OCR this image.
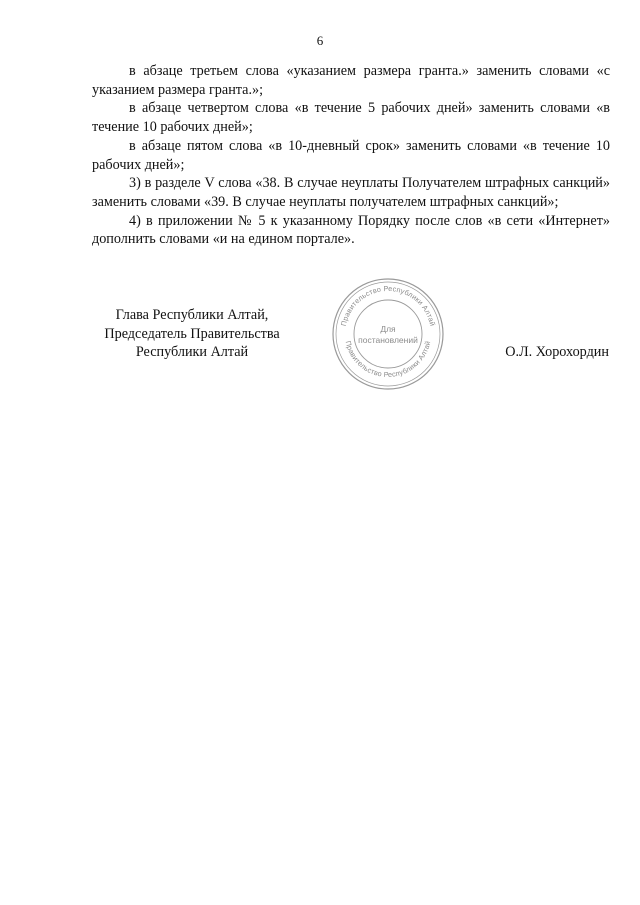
6

в абзаце третьем слова «указанием размера гранта.» заменить словами «с указанием размера гранта.»;

в абзаце четвертом слова «в течение 5 рабочих дней» заменить словами «в течение 10 рабочих дней»;

в абзаце пятом слова «в 10-дневный срок» заменить словами «в течение 10 рабочих дней»;

3) в разделе V слова «38. В случае неуплаты Получателем штрафных санкций» заменить словами «39. В случае неуплаты получателем штрафных санкций»;

4) в приложении № 5 к указанному Порядку после слов «в сети «Интернет» дополнить словами «и на едином портале».

Глава Республики Алтай,
Председатель Правительства
Республики Алтай
Правительство Республики Алтай
Правительство Республики Алтай
Для
постановлений
О.Л. Хорохордин
